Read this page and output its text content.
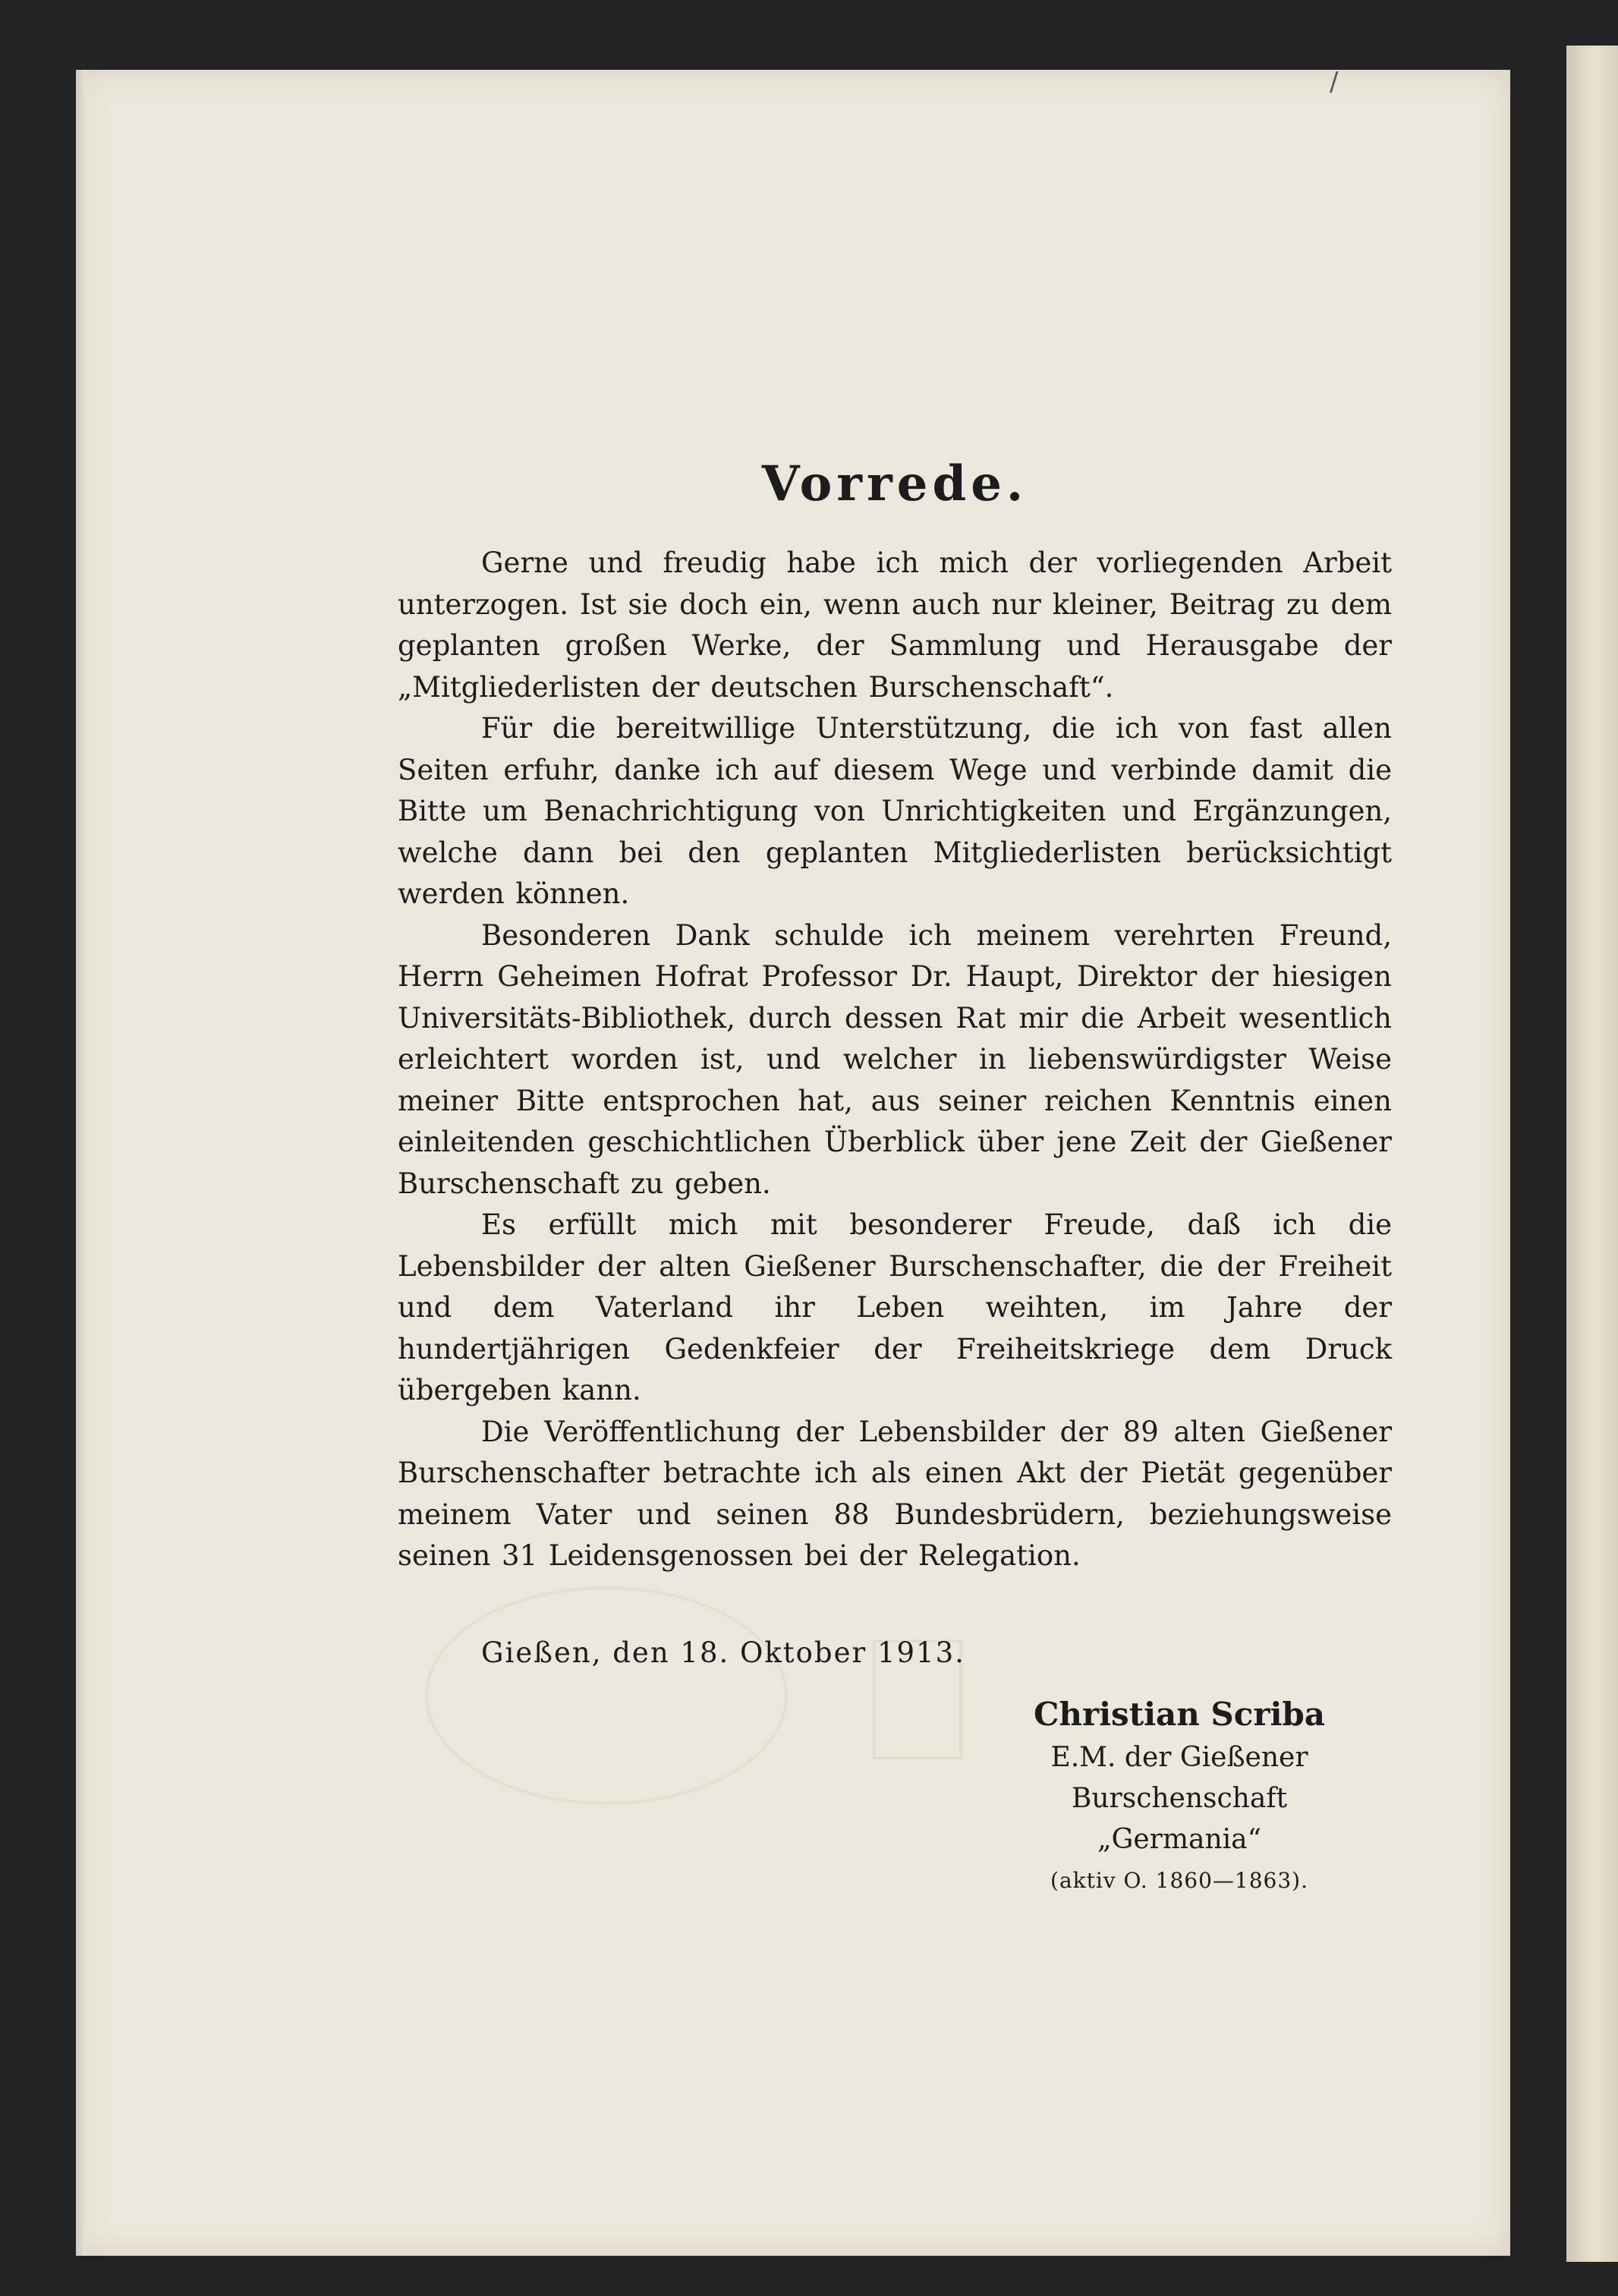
/
Vorrede.

Gerne und freudig habe ich mich der vorliegenden Arbeit unterzogen. Ist sie doch ein, wenn auch nur kleiner, Beitrag zu dem geplanten großen Werke, der Sammlung und Herausgabe der „Mitgliederlisten der deutschen Burschenschaft“.

Für die bereitwillige Unterstützung, die ich von fast allen Seiten erfuhr, danke ich auf diesem Wege und verbinde damit die Bitte um Benachrichtigung von Unrichtigkeiten und Ergänzungen, welche dann bei den geplanten Mitgliederlisten berücksichtigt werden können.

Besonderen Dank schulde ich meinem verehrten Freund, Herrn Geheimen Hofrat Professor Dr. Haupt, Direktor der hiesigen Universitäts-Bibliothek, durch dessen Rat mir die Arbeit wesentlich erleichtert worden ist, und welcher in liebenswürdigster Weise meiner Bitte entsprochen hat, aus seiner reichen Kenntnis einen einleitenden geschichtlichen Überblick über jene Zeit der Gießener Burschenschaft zu geben.

Es erfüllt mich mit besonderer Freude, daß ich die Lebensbilder der alten Gießener Burschenschafter, die der Freiheit und dem Vaterland ihr Leben weihten, im Jahre der hundertjährigen Gedenkfeier der Freiheitskriege dem Druck übergeben kann.

Die Veröffentlichung der Lebensbilder der 89 alten Gießener Burschenschafter betrachte ich als einen Akt der Pietät gegenüber meinem Vater und seinen 88 Bundesbrüdern, beziehungsweise seinen 31 Leidensgenossen bei der Relegation.

Gießen, den 18. Oktober 1913.
Christian Scriba
E.M. der Gießener Burschenschaft
„Germania“
(aktiv O. 1860—1863).
